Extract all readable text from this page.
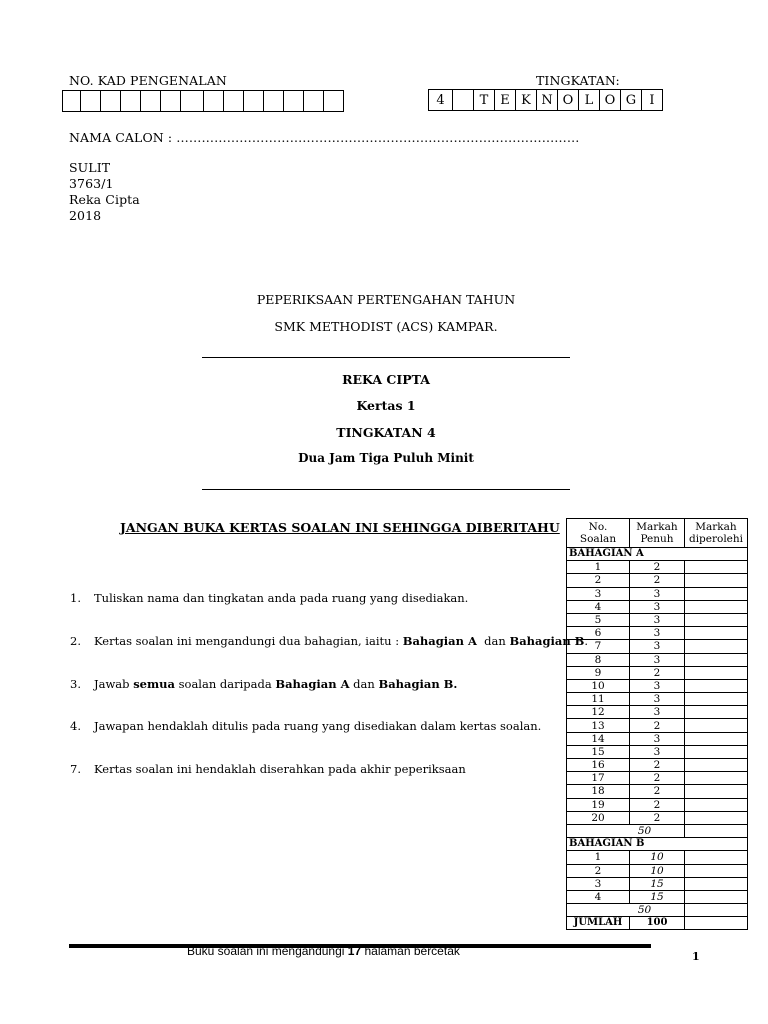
NO. KAD PENGENALAN	TINGKATAN:
4	T E K N O L O G	I
NAMA CALON : ……………………………………………………………………………………
SULIT
3763/1
Reka Cipta
2018
PEPERIKSAAN PERTENGAHAN TAHUN
SMK METHODIST (ACS) KAMPAR.
REKA CIPTA
Kertas 1
TINGKATAN 4
Dua Jam Tiga Puluh Minit
JANGAN BUKA KERTAS SOALAN INI SEHINGGA DIBERITAHU
1.	Tuliskan nama dan tingkatan anda pada ruang yang disediakan.
2.	Kertas soalan ini mengandungi dua bahagian, iaitu : Bahagian A  dan Bahagian B.
3.	Jawab semua soalan daripada Bahagian A dan Bahagian B.
4.	Jawapan hendaklah ditulis pada ruang yang disediakan dalam kertas soalan.
7.	Kertas soalan ini hendaklah diserahkan pada akhir peperiksaan
No. Soalan	Markah Penuh	Markah diperolehi
BAHAGIAN A		
1	2	
2	2	
3	3	
4	3	
5	3	
6	3	
7	3	
8	3	
9	2	
10	3	
11	3	
12	3	
13	2	
14	3	
15	3	
16	2	
17	2	
18	2	
19	2	
20	2	
50		
BAHAGIAN B		
1	10	
2	10	
3	15	
4	15	
50		
JUMLAH	100	
Buku soalan ini mengandungi 17 halaman bercetak	1
